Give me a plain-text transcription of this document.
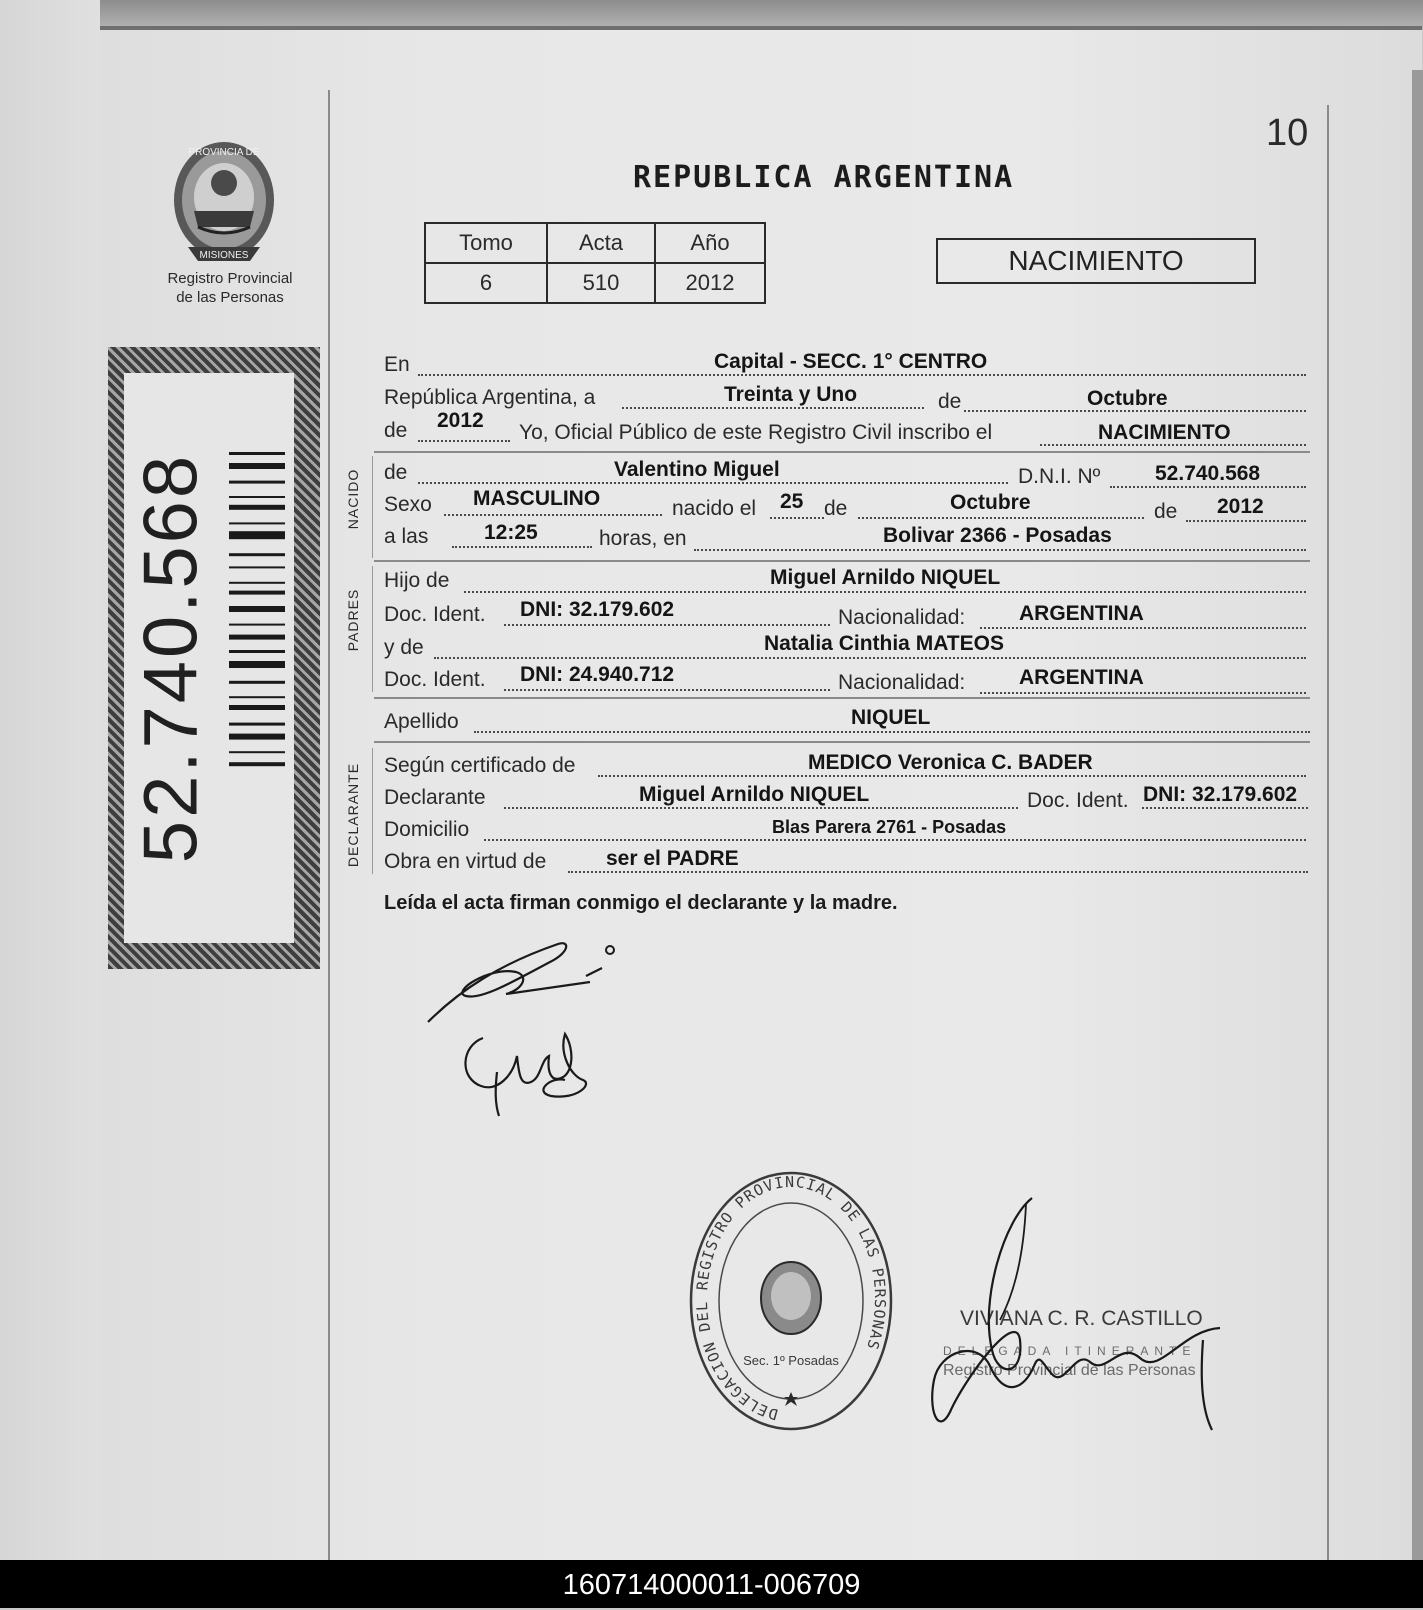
PROVINCIA DE
MISIONES
Registro Provincial
de las Personas
52.740.568
10
REPUBLICA ARGENTINA
Tomo	Acta	Año
6	510	2012
NACIMIENTO
En	Capital - SECC. 1° CENTRO
República Argentina, a	Treinta y Uno	de	Octubre
de 2012
Yo, Oficial Público de este Registro Civil inscribo el	NACIMIENTO
NACIDO de	Valentino Miguel	D.N.I. Nº	52.740.568
Sexo MASCULINO	nacido el 25 de	Octubre	de 2012
a las	12:25	horas, en	Bolivar 2366 - Posadas
PADRES
Hijo de	Miguel Arnildo NIQUEL
Doc. Ident. DNI: 32.179.602	Nacionalidad:	ARGENTINA
y de	Natalia Cinthia MATEOS
Doc. Ident. DNI: 24.940.712	Nacionalidad:	ARGENTINA
Apellido	NIQUEL
DECLARANTE Según certificado de	MEDICO Veronica C. BADER
Declarante	Miguel Arnildo NIQUEL	Doc. Ident. DNI: 32.179.602
Domicilio	Blas Parera 2761 - Posadas
Obra en virtud de	ser el PADRE
Leída el acta firman conmigo el declarante y la madre.
DELEGACION DEL REGISTRO PROVINCIAL DE LAS PERSONAS
Sec. 1º Posadas
VIVIANA C. R. CASTILLO
DELEGADA ITINERANTE
Registro Provincial de las Personas
160714000011-006709
